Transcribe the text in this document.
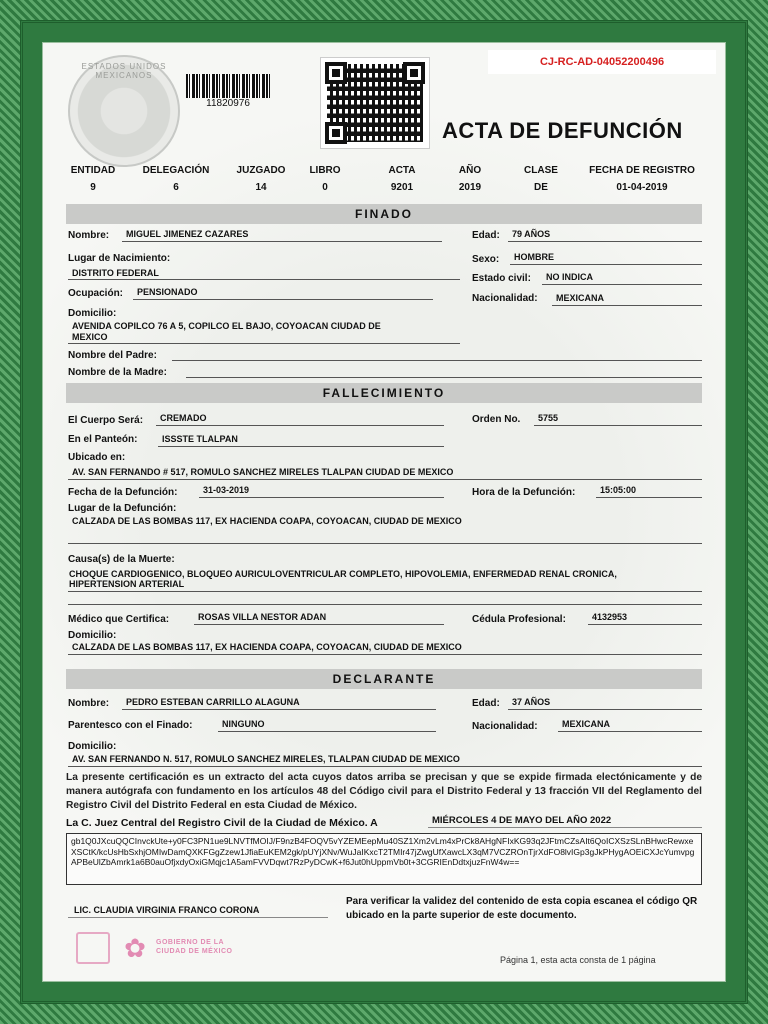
ESTADOS UNIDOS MEXICANOS
11820976
CJ-RC-AD-04052200496
ACTA DE DEFUNCIÓN
ENTIDAD	DELEGACIÓN	JUZGADO	LIBRO	ACTA	AÑO	CLASE	FECHA DE REGISTRO
9	6	14	0	9201	2019	DE	01-04-2019
FINADO
Nombre: MIGUEL JIMENEZ CAZARES	Edad: 79 AÑOS
Lugar de Nacimiento:
DISTRITO FEDERAL
Sexo: HOMBRE
Estado civil: NO INDICA
Ocupación: PENSIONADO
Nacionalidad: MEXICANA
Domicilio:
AVENIDA COPILCO 76 A 5, COPILCO EL BAJO, COYOACAN CIUDAD DE
MEXICO
Nombre del Padre:
Nombre de la Madre:
FALLECIMIENTO
El Cuerpo Será: CREMADO	Orden No. 5755
En el Panteón:	ISSSTE TLALPAN
Ubicado en:
AV. SAN FERNANDO # 517, ROMULO SANCHEZ MIRELES TLALPAN CIUDAD DE MEXICO
Fecha de la Defunción:	31-03-2019	Hora de la Defunción:	15:05:00
Lugar de la Defunción:
CALZADA DE LAS BOMBAS 117, EX HACIENDA COAPA, COYOACAN, CIUDAD DE MEXICO
Causa(s) de la Muerte:
CHOQUE CARDIOGENICO, BLOQUEO AURICULOVENTRICULAR COMPLETO, HIPOVOLEMIA, ENFERMEDAD RENAL CRONICA,
HIPERTENSION ARTERIAL
Médico que Certifica:	ROSAS VILLA NESTOR ADAN	Cédula Profesional:	4132953
Domicilio:
CALZADA DE LAS BOMBAS 117, EX HACIENDA COAPA, COYOACAN, CIUDAD DE MEXICO
DECLARANTE
Nombre: PEDRO ESTEBAN CARRILLO ALAGUNA	Edad: 37 AÑOS
Parentesco con el Finado:	NINGUNO	Nacionalidad:	MEXICANA
Domicilio:
AV. SAN FERNANDO N. 517, ROMULO SANCHEZ MIRELES, TLALPAN CIUDAD DE MEXICO
La presente certificación es un extracto del acta cuyos datos arriba se precisan y que se expide firmada electónicamente y de manera autógrafa con fundamento en los artículos 48 del Código civil para el Distrito Federal y 13 fracción VII del Reglamento del Registro Civil del Distrito Federal en esta Ciudad de México.
La C. Juez Central del Registro Civil de la Ciudad de México. A	MIÉRCOLES 4 DE MAYO DEL AÑO 2022
gb1Q0JXcuQQCInvckUte+y0FC3PN1ue9LNVTfMOIJ/F9nzB4FOQV5vYZEMEepMu40SZ1Xm2vLm4xPrCk8AHgNFIxKG93q2JFtmCZsAIt6QoICXSzSLnBHwcRewxeXSCtK/kcUsHbSxhjOMIwDamQXKFGgZzew1JfiaEuKEM2gk/pUYjXNv/WuJaIKxcT2TMIr47jZwgUfXawcLX3qM7VCZROnTjrXdFO8lvIGp3gJkPHygAOEiCXJcYumvpgAPBeUlZbAmrk1a6B0auOfjxdyOxiGMqjc1A5amFVVDqwt7RzPyDCwK+f6Jut0hUppmVb0t+3CGRIEnDdtxjuzFnW4w==
LIC. CLAUDIA VIRGINIA FRANCO CORONA
Para verificar la validez del contenido de esta copia escanea el código QR ubicado en la parte superior de este documento.
✿	GOBIERNO DE LA
CIUDAD DE MÉXICO
Página 1, esta acta consta de 1 página
